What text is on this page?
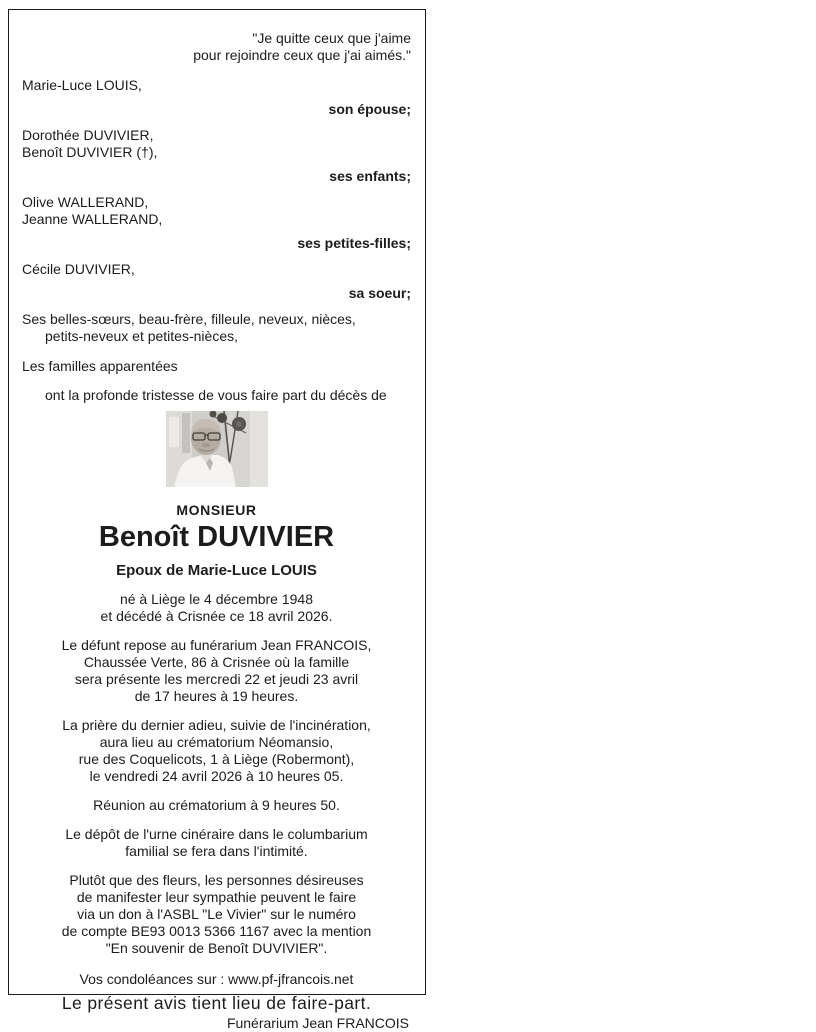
"Je quitte ceux que j'aime
pour rejoindre ceux que j'ai aimés."
Marie-Luce LOUIS,
son épouse;
Dorothée DUVIVIER,
Benoît DUVIVIER (†),
ses enfants;
Olive WALLERAND,
Jeanne WALLERAND,
ses petites-filles;
Cécile DUVIVIER,
sa soeur;
Ses belles-sœurs, beau-frère, filleule, neveux, nièces,
petits-neveux et petites-nièces,
Les familles apparentées
ont la profonde tristesse de vous faire part du décès de
MONSIEUR
Benoît DUVIVIER
Epoux de Marie-Luce LOUIS
né à Liège le 4 décembre 1948
et décédé à Crisnée ce 18 avril 2026.
Le défunt repose au funérarium Jean FRANCOIS,
Chaussée Verte, 86 à Crisnée où la famille
sera présente les mercredi 22 et jeudi 23 avril
de 17 heures à 19 heures.
La prière du dernier adieu, suivie de l'incinération,
aura lieu au crématorium Néomansio,
rue des Coquelicots, 1 à Liège (Robermont),
le vendredi 24 avril 2026 à 10 heures 05.
Réunion au crématorium à 9 heures 50.
Le dépôt de l'urne cinéraire dans le columbarium
familial se fera dans l'intimité.
Plutôt que des fleurs, les personnes désireuses
de manifester leur sympathie peuvent le faire
via un don à l'ASBL "Le Vivier" sur le numéro
de compte BE93 0013 5366 1167 avec la mention
"En souvenir de Benoît DUVIVIER".
Vos condoléances sur : www.pf-jfrancois.net
Le présent avis tient lieu de faire-part.
Funérarium Jean FRANCOIS
